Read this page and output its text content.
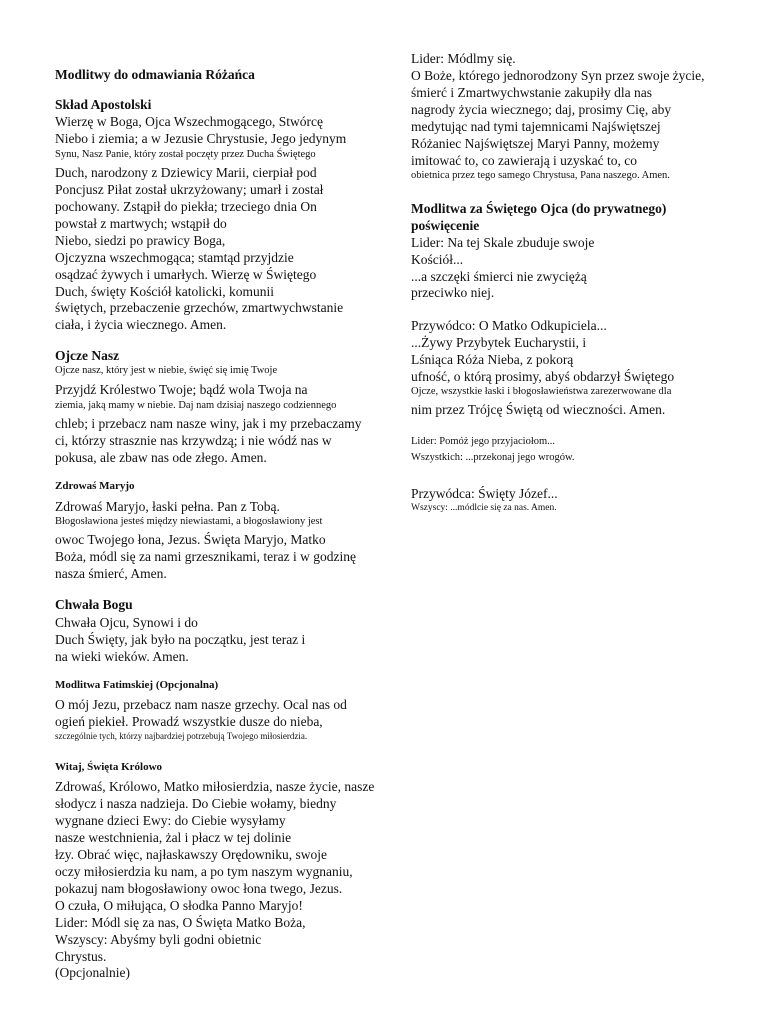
Modlitwy do odmawiania Różańca
Skład Apostolski
Wierzę w Boga, Ojca Wszechmogącego, Stwórcę
Niebo i ziemia; a w Jezusie Chrystusie, Jego jedynym
Synu, Nasz Panie, który został poczęty przez Ducha Świętego
Duch, narodzony z Dziewicy Marii, cierpiał pod
Poncjusz Piłat został ukrzyżowany; umarł i został
pochowany. Zstąpił do piekła; trzeciego dnia On
powstał z martwych; wstąpił do
Niebo, siedzi po prawicy Boga,
Ojczyzna wszechmogąca; stamtąd przyjdzie
osądzać żywych i umarłych. Wierzę w Świętego
Duch, święty Kościół katolicki, komunii
świętych, przebaczenie grzechów, zmartwychwstanie
ciała, i życia wiecznego. Amen.
Ojcze Nasz
Ojcze nasz, który jest w niebie, święć się imię Twoje
Przyjdź Królestwo Twoje; bądź wola Twoja na
ziemia, jaką mamy w niebie. Daj nam dzisiaj naszego codziennego
chleb; i przebacz nam nasze winy, jak i my przebaczamy
ci, którzy strasznie nas krzywdzą; i nie wódź nas w
pokusa, ale zbaw nas ode złego. Amen.
Zdrowaś Maryjo
Zdrowaś Maryjo, łaski pełna. Pan z Tobą.
Błogosławiona jesteś między niewiastami, a błogosławiony jest
owoc Twojego łona, Jezus. Święta Maryjo, Matko
Boża, módl się za nami grzesznikami, teraz i w godzinę
nasza śmierć, Amen.
Chwała Bogu
Chwała Ojcu, Synowi i do
Duch Święty, jak było na początku, jest teraz i
na wieki wieków. Amen.
Modlitwa Fatimskiej (Opcjonalna)
O mój Jezu, przebacz nam nasze grzechy. Ocal nas od
ogień piekieł. Prowadź wszystkie dusze do nieba,
szczególnie tych, którzy najbardziej potrzebują Twojego miłosierdzia.
Witaj, Święta Królowo
Zdrowaś, Królowo, Matko miłosierdzia, nasze życie, nasze
słodycz i nasza nadzieja. Do Ciebie wołamy, biedny
wygnane dzieci Ewy: do Ciebie wysyłamy
nasze westchnienia, żal i płacz w tej dolinie
łzy. Obrać więc, najłaskawszy Orędowniku, swoje
oczy miłosierdzia ku nam, a po tym naszym wygnaniu,
pokazuj nam błogosławiony owoc łona twego, Jezus.
O czuła, O miłująca, O słodka Panno Maryjo!
Lider: Módl się za nas, O Święta Matko Boża,
Wszyscy: Abyśmy byli godni obietnic
Chrystus.
(Opcjonalnie)
Lider: Módlmy się.
O Boże, którego jednorodzony Syn przez swoje życie,
śmierć i Zmartwychwstanie zakupiły dla nas
nagrody życia wiecznego; daj, prosimy Cię, aby
medytując nad tymi tajemnicami Najświętszej
Różaniec Najświętszej Maryi Panny, możemy
imitować to, co zawierają i uzyskać to, co
obietnica przez tego samego Chrystusa, Pana naszego. Amen.
Modlitwa za Świętego Ojca (do prywatnego)
poświęcenie
Lider: Na tej Skale zbuduje swoje
Kościół...
...a szczęki śmierci nie zwyciężą
przeciwko niej.
Przywódco: O Matko Odkupiciela...
...Żywy Przybytek Eucharystii, i
Lśniąca Róża Nieba, z pokorą
ufność, o którą prosimy, abyś obdarzył Świętego
Ojcze, wszystkie łaski i błogosławieństwa zarezerwowane dla
nim przez Trójcę Świętą od wieczności. Amen.
Lider: Pomóż jego przyjaciołom...
Wszystkich: ...przekonaj jego wrogów.
Przywódca: Święty Józef...
Wszyscy: ...módlcie się za nas. Amen.
